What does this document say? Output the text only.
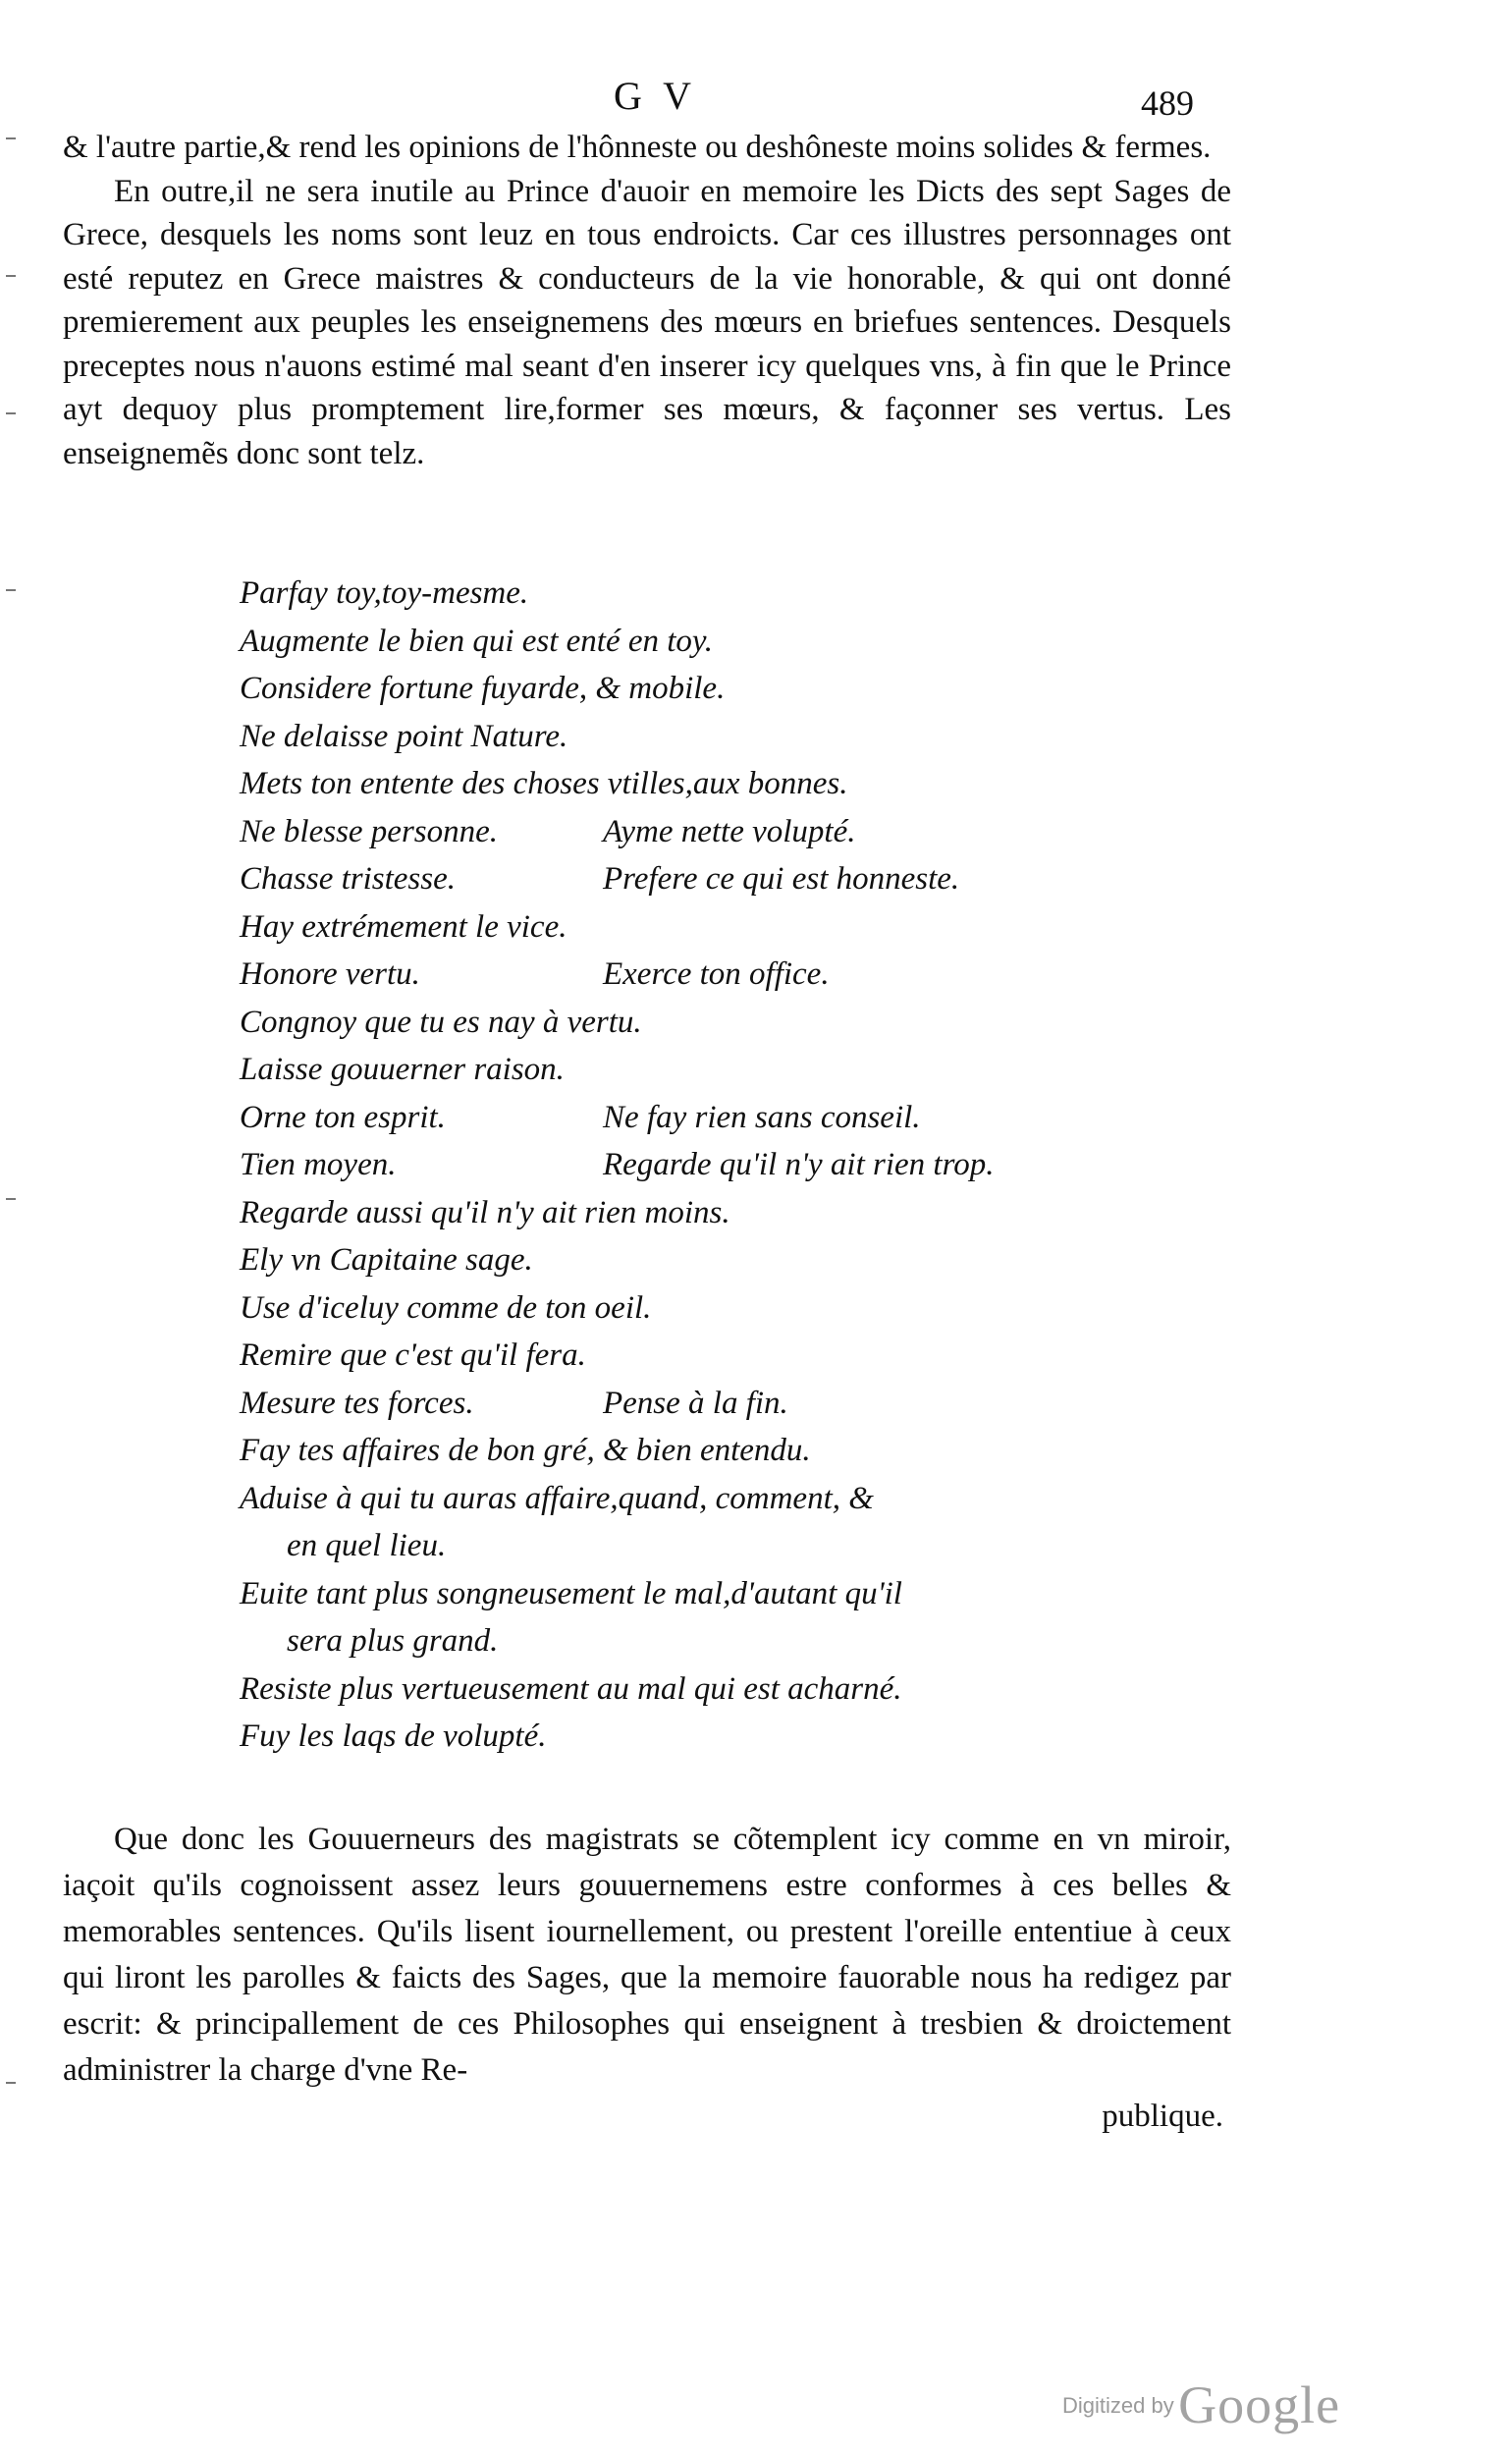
G V	489

& l'autre partie,& rend les opinions de l'hônneste ou deshôneste moins solides & fermes.

En outre,il ne sera inutile au Prince d'auoir en memoire les Dicts des sept Sages de Grece, desquels les noms sont leuz en tous endroicts. Car ces illustres personnages ont esté reputez en Grece maistres & conducteurs de la vie honorable, & qui ont donné premierement aux peuples les enseignemens des mœurs en briefues sentences. Desquels preceptes nous n'auons estimé mal seant d'en inserer icy quelques vns, à fin que le Prince ayt dequoy plus promptement lire,former ses mœurs, & façonner ses vertus. Les enseignemẽs donc sont telz.

Parfay toy,toy-mesme.

Augmente le bien qui est enté en toy.

Considere fortune fuyarde, & mobile.

Ne delaisse point Nature.

Mets ton entente des choses vtilles,aux bonnes.

Ne blesse personne.	Ayme nette volupté.

Chasse tristesse.	Prefere ce qui est honneste.

Hay extrémement le vice.

Honore vertu.	Exerce ton office.

Congnoy que tu es nay à vertu.

Laisse gouuerner raison.

Orne ton esprit.	Ne fay rien sans conseil.

Tien moyen.	Regarde qu'il n'y ait rien trop.

Regarde aussi qu'il n'y ait rien moins.

Ely vn Capitaine sage.

Use d'iceluy comme de ton oeil.

Remire que c'est qu'il fera.

Mesure tes forces.	Pense à la fin.

Fay tes affaires de bon gré, & bien entendu.

Aduise à qui tu auras affaire,quand, comment, &

en quel lieu.

Euite tant plus songneusement le mal,d'autant qu'il

sera plus grand.

Resiste plus vertueusement au mal qui est acharné.

Fuy les laqs de volupté.

Que donc les Gouuerneurs des magistrats se cõtemplent icy comme en vn miroir, iaçoit qu'ils cognoissent assez leurs gouuernemens estre conformes à ces belles & memorables sentences. Qu'ils lisent iournellement, ou prestent l'oreille ententiue à ceux qui liront les parolles & faicts des Sages, que la memoire fauorable nous ha redigez par escrit: & principallement de ces Philosophes qui enseignent à tresbien & droictement administrer la charge d'vne Re-

publique.

Digitized by Google
